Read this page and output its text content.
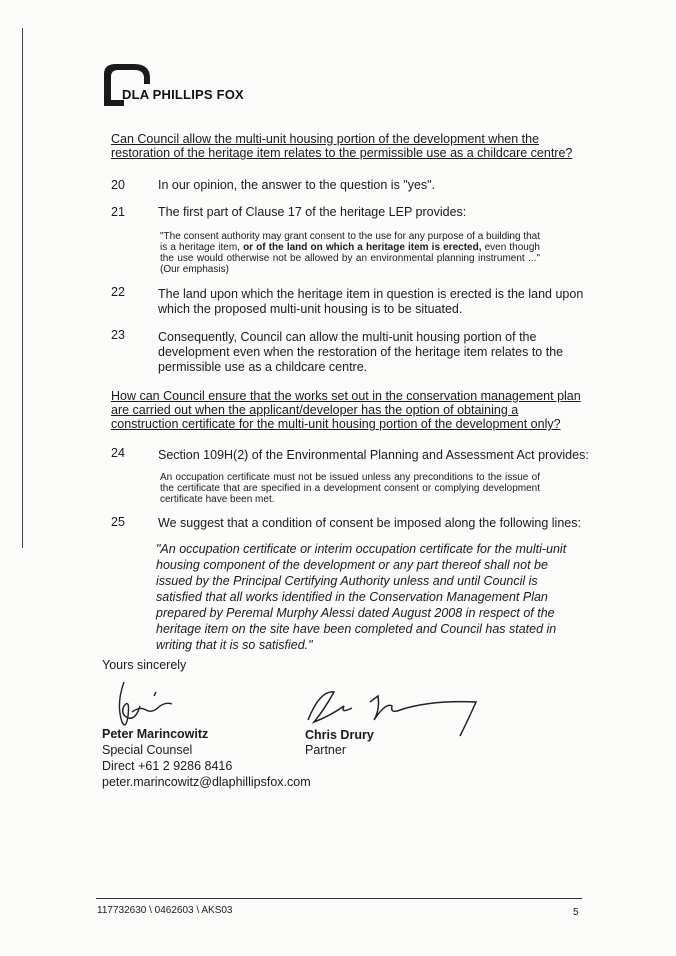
DLA PHILLIPS FOX
Can Council allow the multi-unit housing portion of the development when the restoration of the heritage item relates to the permissible use as a childcare centre?
20	In our opinion, the answer to the question is "yes".
21	The first part of Clause 17 of the heritage LEP provides:
"The consent authority may grant consent to the use for any purpose of a building that is a heritage item, or of the land on which a heritage item is erected, even though the use would otherwise not be allowed by an environmental planning instrument ..." (Our emphasis)
22	The land upon which the heritage item in question is erected is the land upon which the proposed multi-unit housing is to be situated.
23	Consequently, Council can allow the multi-unit housing portion of the development even when the restoration of the heritage item relates to the permissible use as a childcare centre.
How can Council ensure that the works set out in the conservation management plan are carried out when the applicant/developer has the option of obtaining a construction certificate for the multi-unit housing portion of the development only?
24	Section 109H(2) of the Environmental Planning and Assessment Act provides:
An occupation certificate must not be issued unless any preconditions to the issue of the certificate that are specified in a development consent or complying development certificate have been met.
25	We suggest that a condition of consent be imposed along the following lines:
"An occupation certificate or interim occupation certificate for the multi-unit housing component of the development or any part thereof shall not be issued by the Principal Certifying Authority unless and until Council is satisfied that all works identified in the Conservation Management Plan prepared by Peremal Murphy Alessi dated August 2008 in respect of the heritage item on the site have been completed and Council has stated in writing that it is so satisfied."
Yours sincerely
Peter Marincowitz
Special Counsel
Direct +61 2 9286 8416
peter.marincowitz@dlaphillipsfox.com
Chris Drury
Partner
117732630 \ 0462603 \ AKS03	5
